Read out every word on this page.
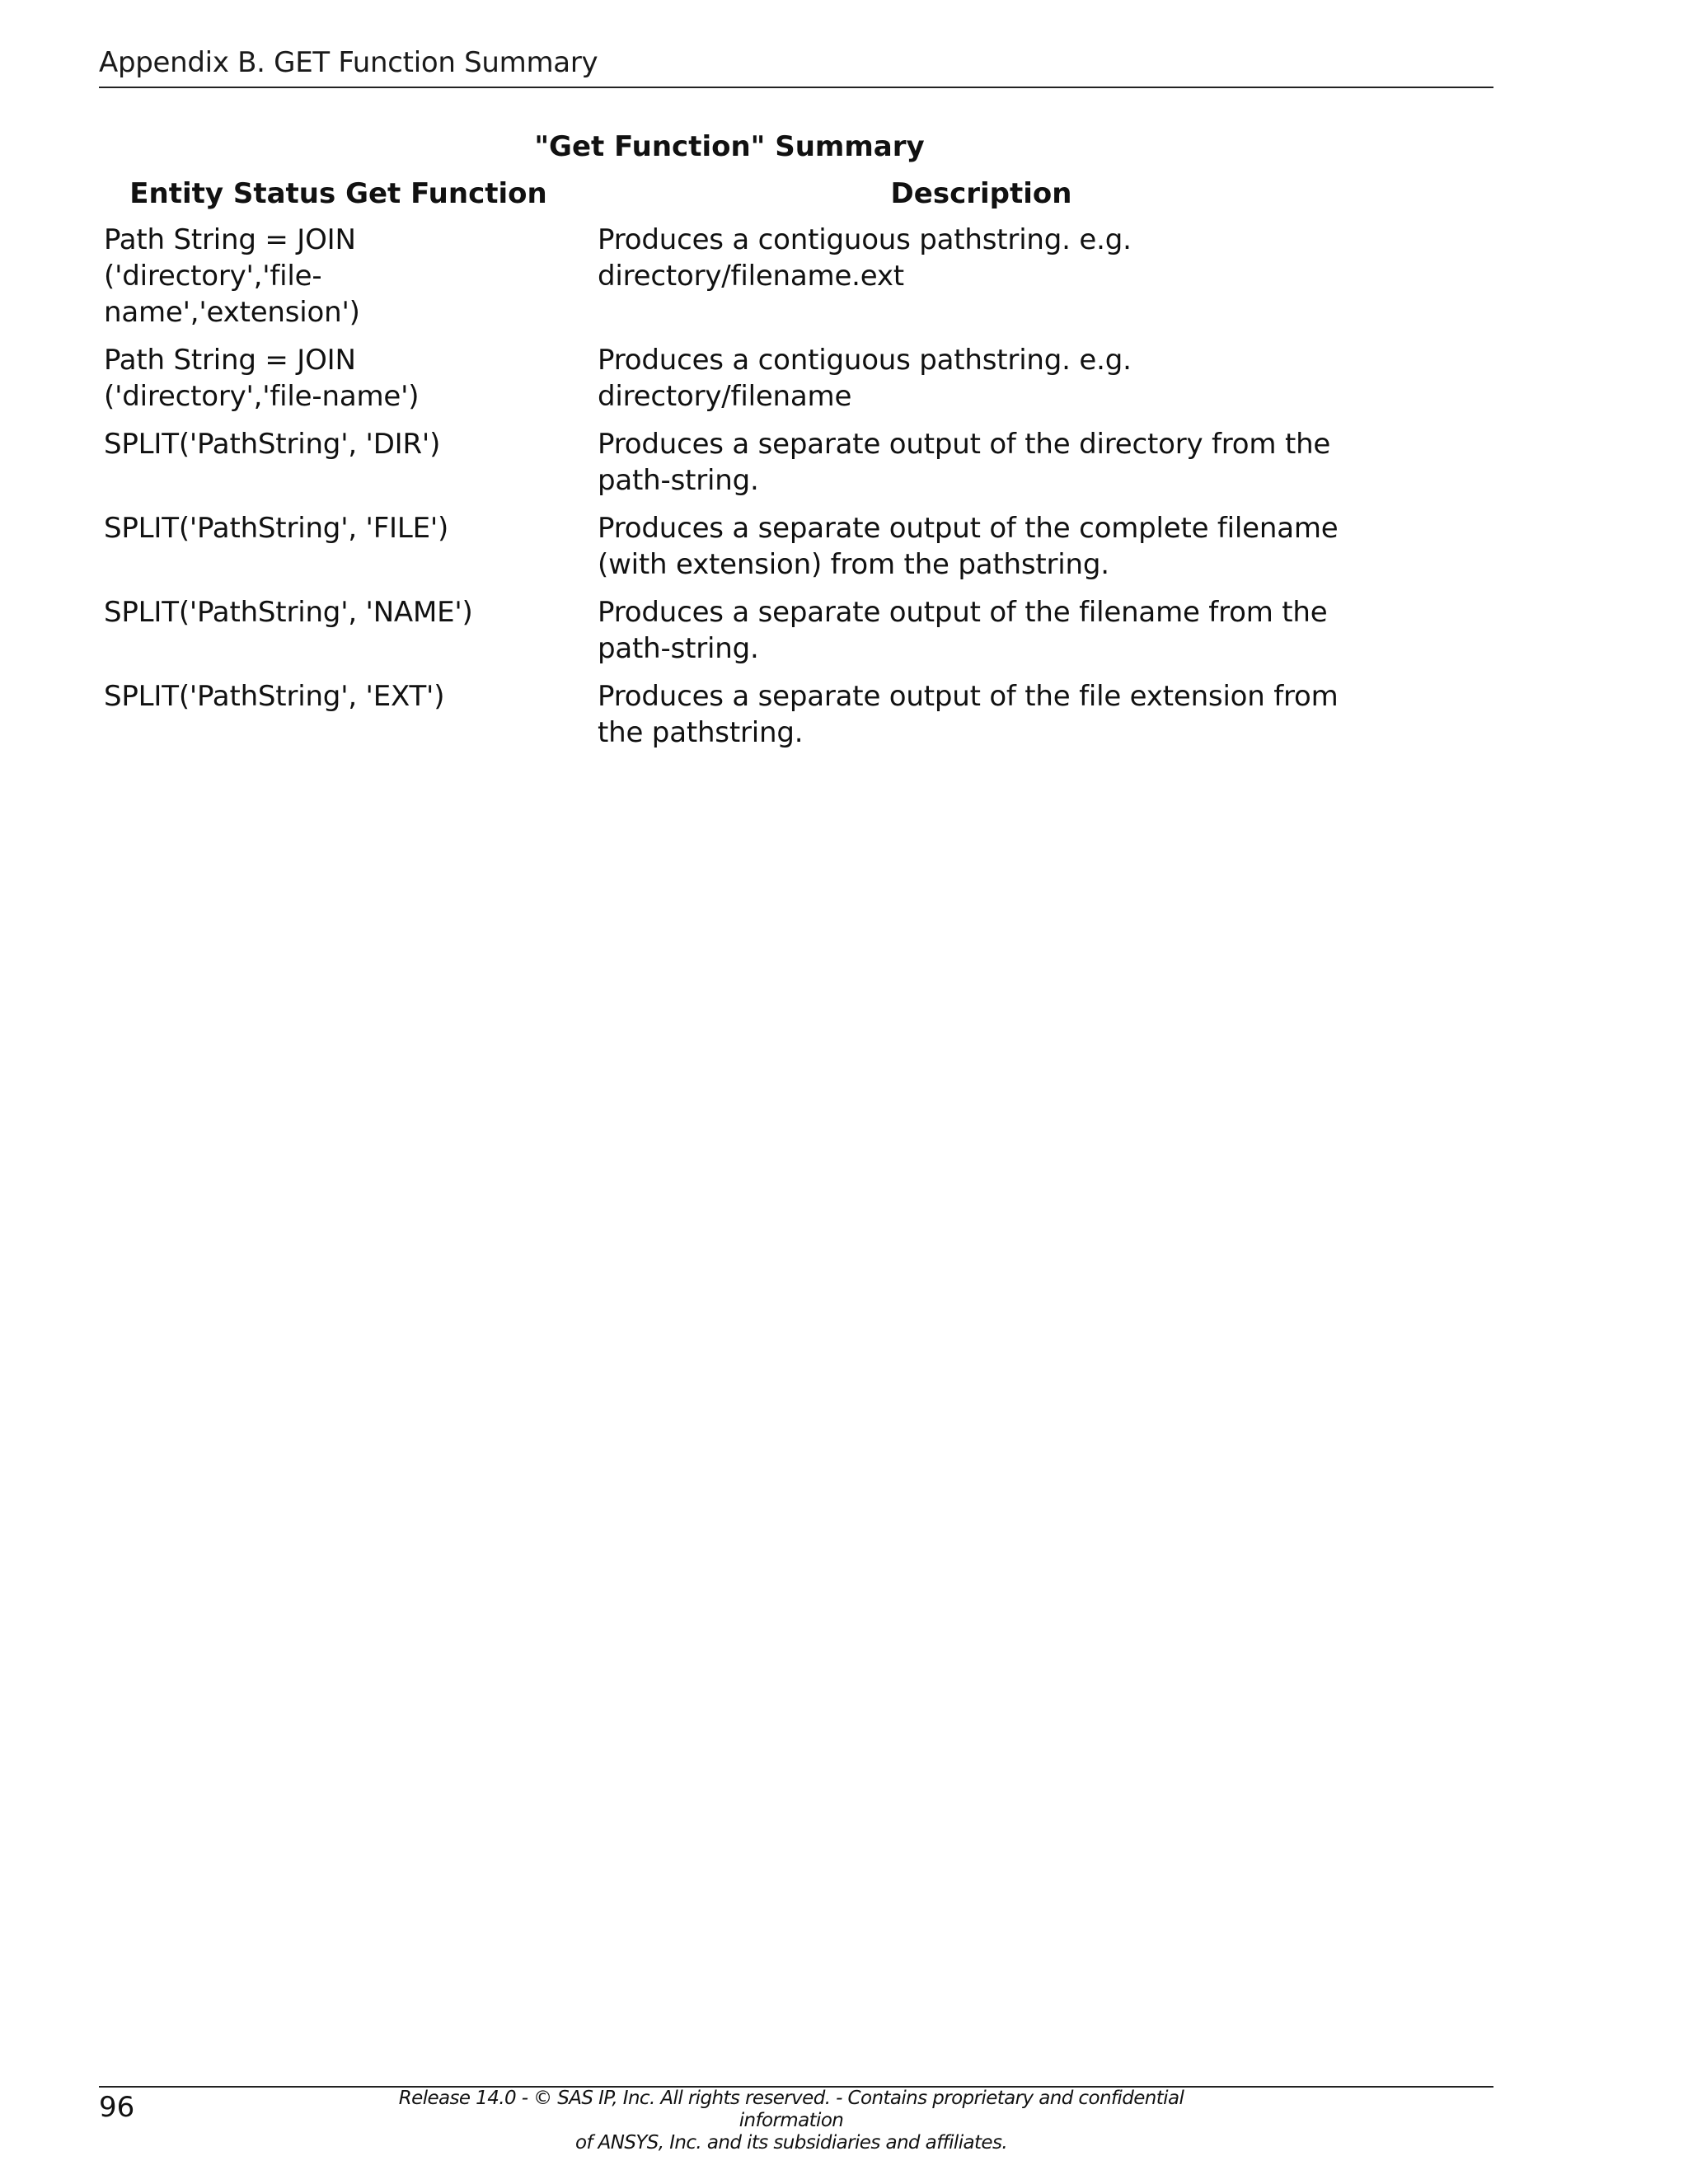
Appendix B. GET Function Summary
"Get Function" Summary
Entity Status Get Function	Description
Path String = JOIN ('directory','file-name','extension')	Produces a contiguous pathstring. e.g. directory/filename.ext
Path String = JOIN ('directory','file-name')	Produces a contiguous pathstring. e.g. directory/filename
SPLIT('PathString', 'DIR')	Produces a separate output of the directory from the path-string.
SPLIT('PathString', 'FILE')	Produces a separate output of the complete filename (with extension) from the pathstring.
SPLIT('PathString', 'NAME')	Produces a separate output of the filename from the path-string.
SPLIT('PathString', 'EXT')	Produces a separate output of the file extension from the pathstring.
96	Release 14.0 - © SAS IP, Inc. All rights reserved. - Contains proprietary and confidential information
of ANSYS, Inc. and its subsidiaries and affiliates.
